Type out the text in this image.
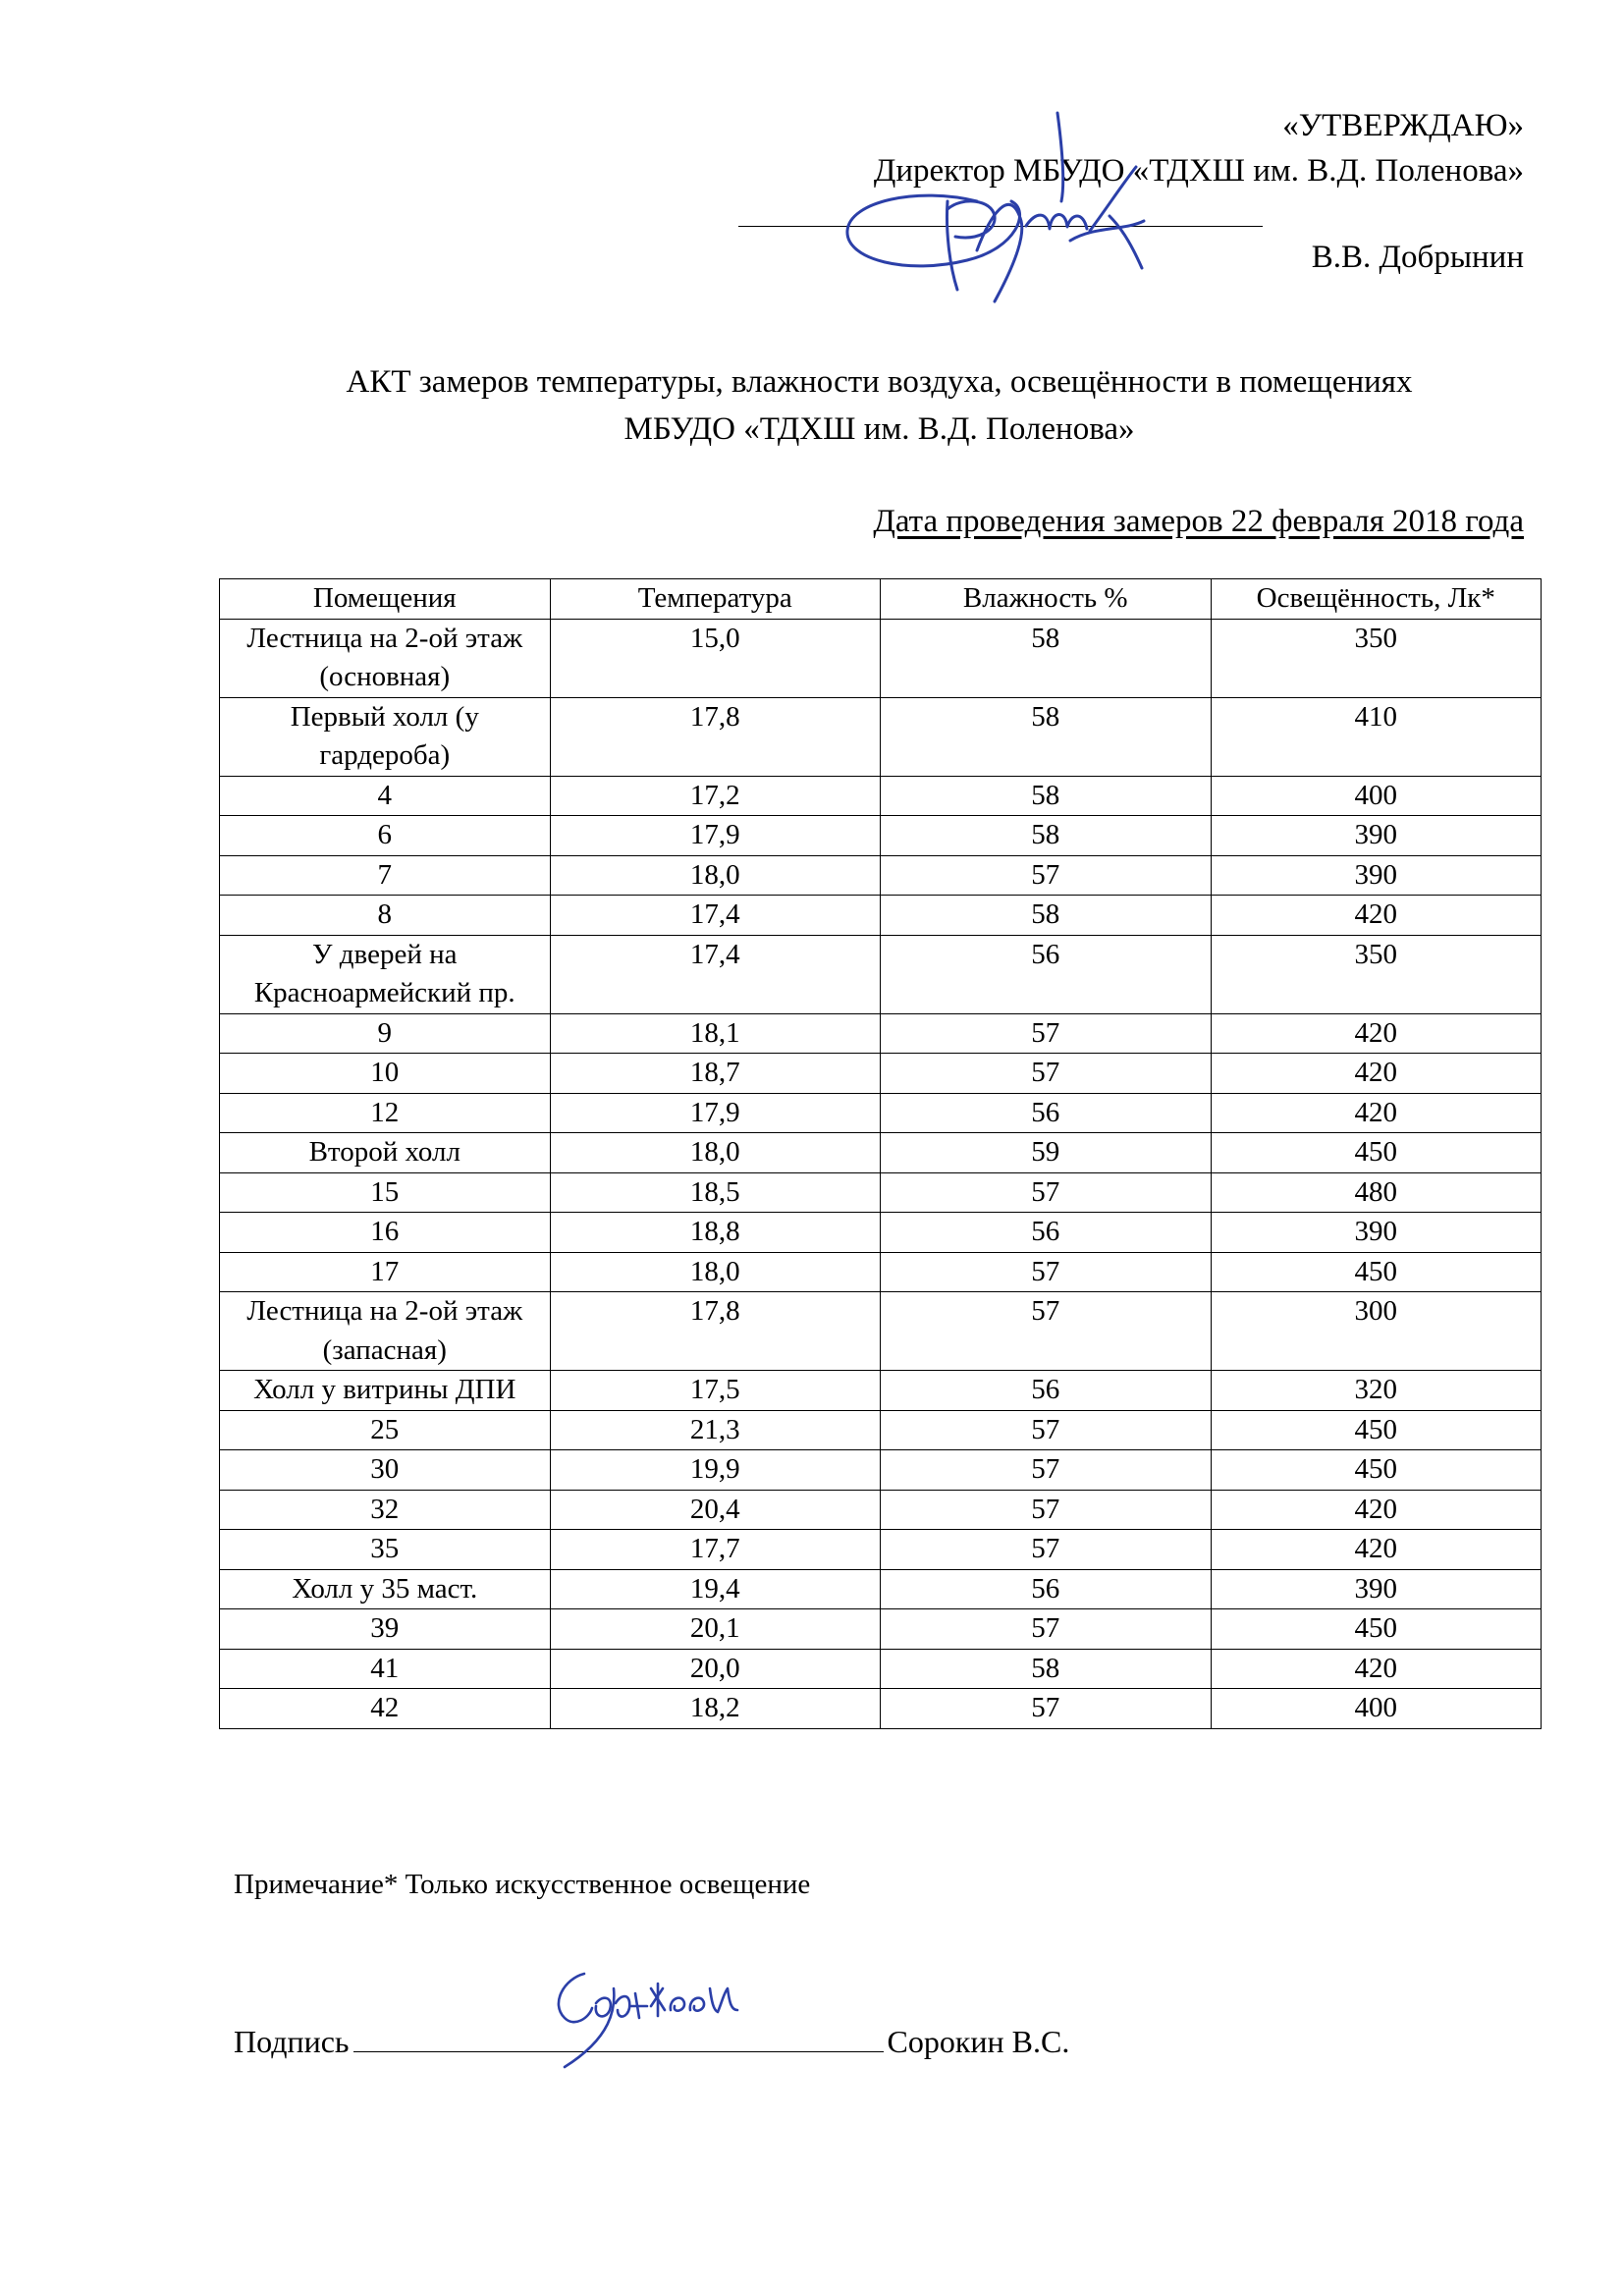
«УТВЕРЖДАЮ»
Директор МБУДО «ТДХШ им. В.Д. Поленова»
В.В. Добрынин
АКТ замеров температуры, влажности воздуха, освещённости в помещениях
МБУДО «ТДХШ им. В.Д. Поленова»
Дата проведения замеров 22 февраля 2018 года
Помещения	Температура	Влажность %	Освещённость, Лк*
Лестница на 2-ой этаж (основная)	15,0	58	350
Первый холл (у гардероба)	17,8	58	410
4	17,2	58	400
6	17,9	58	390
7	18,0	57	390
8	17,4	58	420
У дверей на Красноармейский пр.	17,4	56	350
9	18,1	57	420
10	18,7	57	420
12	17,9	56	420
Второй холл	18,0	59	450
15	18,5	57	480
16	18,8	56	390
17	18,0	57	450
Лестница на 2-ой этаж (запасная)	17,8	57	300
Холл у витрины ДПИ	17,5	56	320
25	21,3	57	450
30	19,9	57	450
32	20,4	57	420
35	17,7	57	420
Холл у 35 маст.	19,4	56	390
39	20,1	57	450
41	20,0	58	420
42	18,2	57	400
Примечание* Только искусственное освещение
Подпись	Сорокин В.С.
